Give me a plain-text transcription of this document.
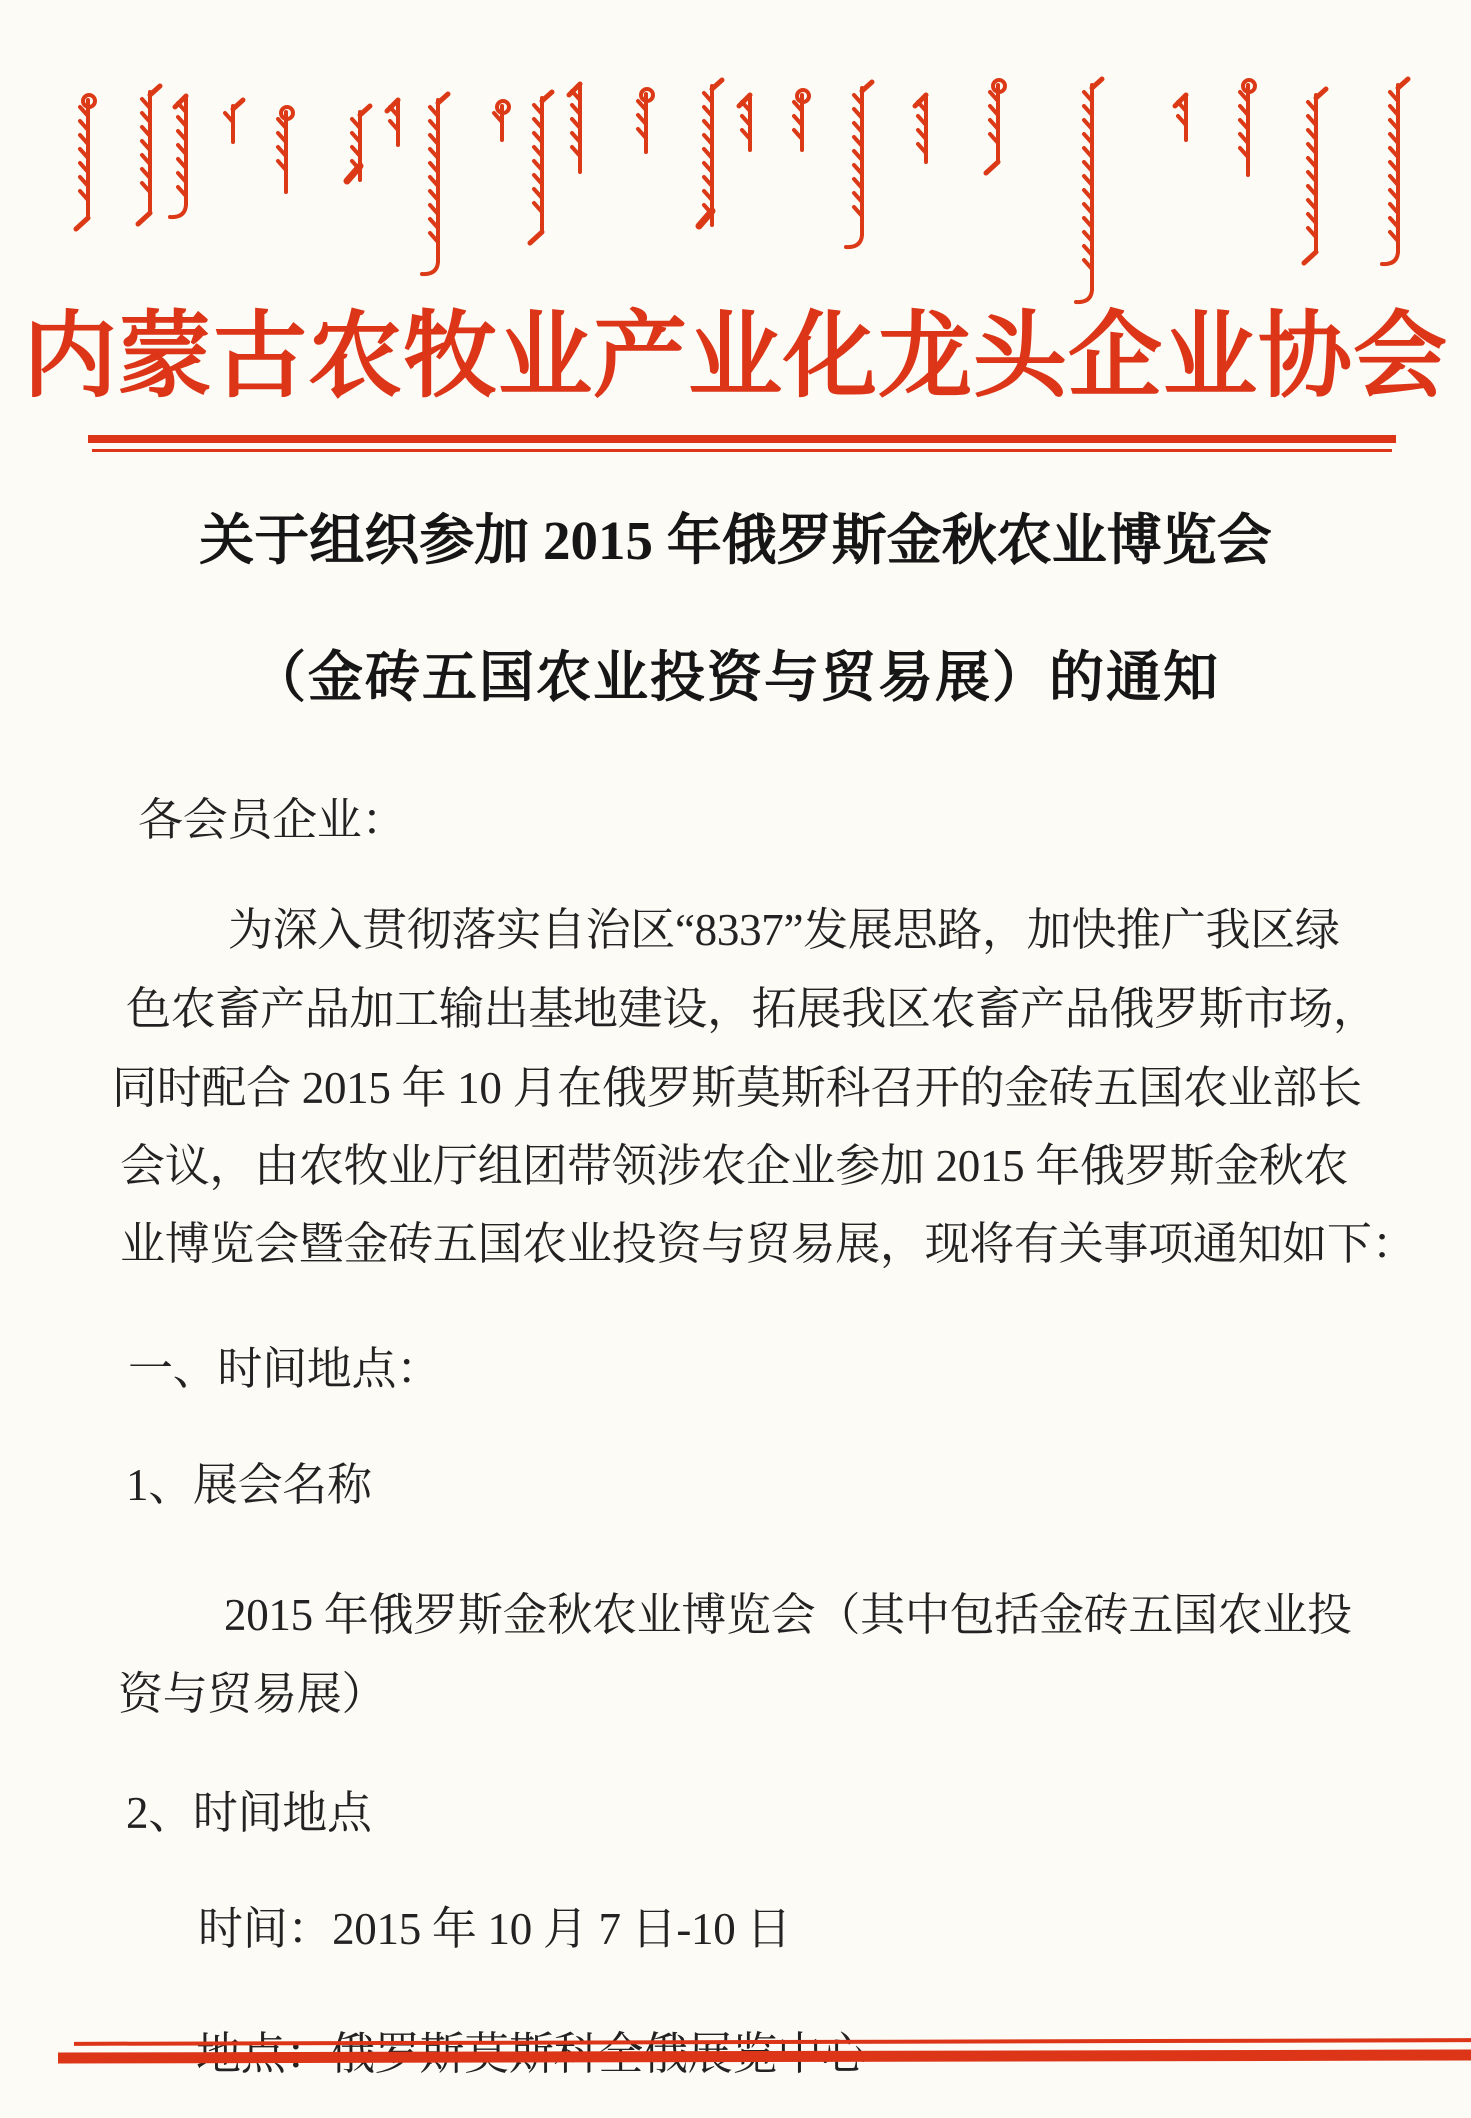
内蒙古农牧业产业化龙头企业协会
关于组织参加 2015 年俄罗斯金秋农业博览会
（金砖五国农业投资与贸易展）的通知
各会员企业：
为深入贯彻落实自治区“8337”发展思路，加快推广我区绿
色农畜产品加工输出基地建设，拓展我区农畜产品俄罗斯市场，
同时配合 2015 年 10 月在俄罗斯莫斯科召开的金砖五国农业部长
会议，由农牧业厅组团带领涉农企业参加 2015 年俄罗斯金秋农
业博览会暨金砖五国农业投资与贸易展，现将有关事项通知如下：
一、时间地点：
1、展会名称
2015 年俄罗斯金秋农业博览会（其中包括金砖五国农业投
资与贸易展）
2、时间地点
时间：2015 年 10 月 7 日-10 日
